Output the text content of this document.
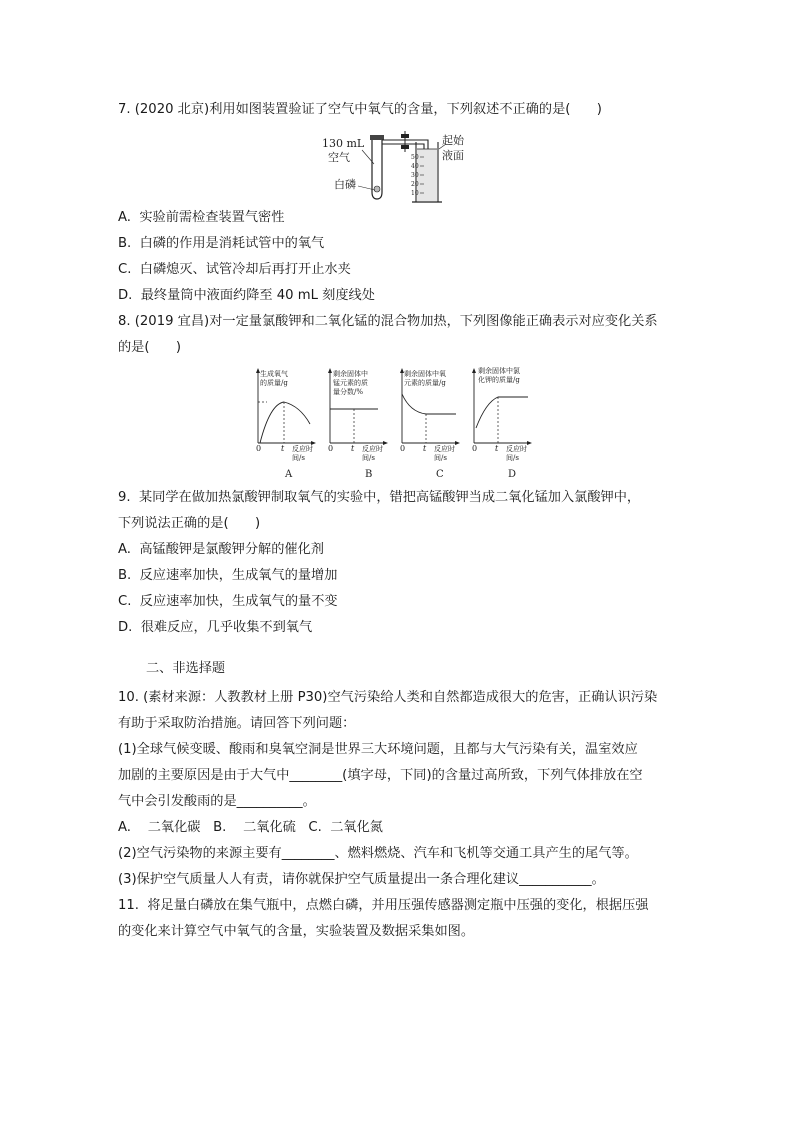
7. (2020 北京)利用如图装置验证了空气中氧气的含量，下列叙述不正确的是(　　)
130 mL
空气
白磷
起始
液面
50
40
30
20
10
A.  实验前需检查装置气密性
B.  白磷的作用是消耗试管中的氧气
C.  白磷熄灭、试管冷却后再打开止水夹
D.  最终量筒中液面约降至 40 mL 刻度线处
8. (2019 宜昌)对一定量氯酸钾和二氧化锰的混合物加热，下列图像能正确表示对应变化关系
的是(　　)
生成氧气
的质量/g
0 t 反应时
间/s
A
剩余固体中
锰元素的质
量分数/%
0 t 反应时
间/s
B
剩余固体中氧
元素的质量/g
0 t 反应时
间/s
C
剩余固体中氯
化钾的质量/g
0 t 反应时
间/s
D
9.  某同学在做加热氯酸钾制取氧气的实验中，错把高锰酸钾当成二氧化锰加入氯酸钾中，
下列说法正确的是(　　)
A.  高锰酸钾是氯酸钾分解的催化剂
B.  反应速率加快，生成氧气的量增加
C.  反应速率加快，生成氧气的量不变
D.  很难反应，几乎收集不到氧气
二、非选择题
10. (素材来源：人教教材上册 P30)空气污染给人类和自然都造成很大的危害，正确认识污染
有助于采取防治措施。请回答下列问题：
(1)全球气候变暖、酸雨和臭氧空洞是世界三大环境问题，且都与大气污染有关，温室效应
加剧的主要原因是由于大气中________(填字母，下同)的含量过高所致，下列气体排放在空
气中会引发酸雨的是__________。
A.    二氧化碳   B.    二氧化硫   C.  二氧化氮
(2)空气污染物的来源主要有________、燃料燃烧、汽车和飞机等交通工具产生的尾气等。
(3)保护空气质量人人有责，请你就保护空气质量提出一条合理化建议___________。
11.  将足量白磷放在集气瓶中，点燃白磷，并用压强传感器测定瓶中压强的变化，根据压强
的变化来计算空气中氧气的含量，实验装置及数据采集如图。
